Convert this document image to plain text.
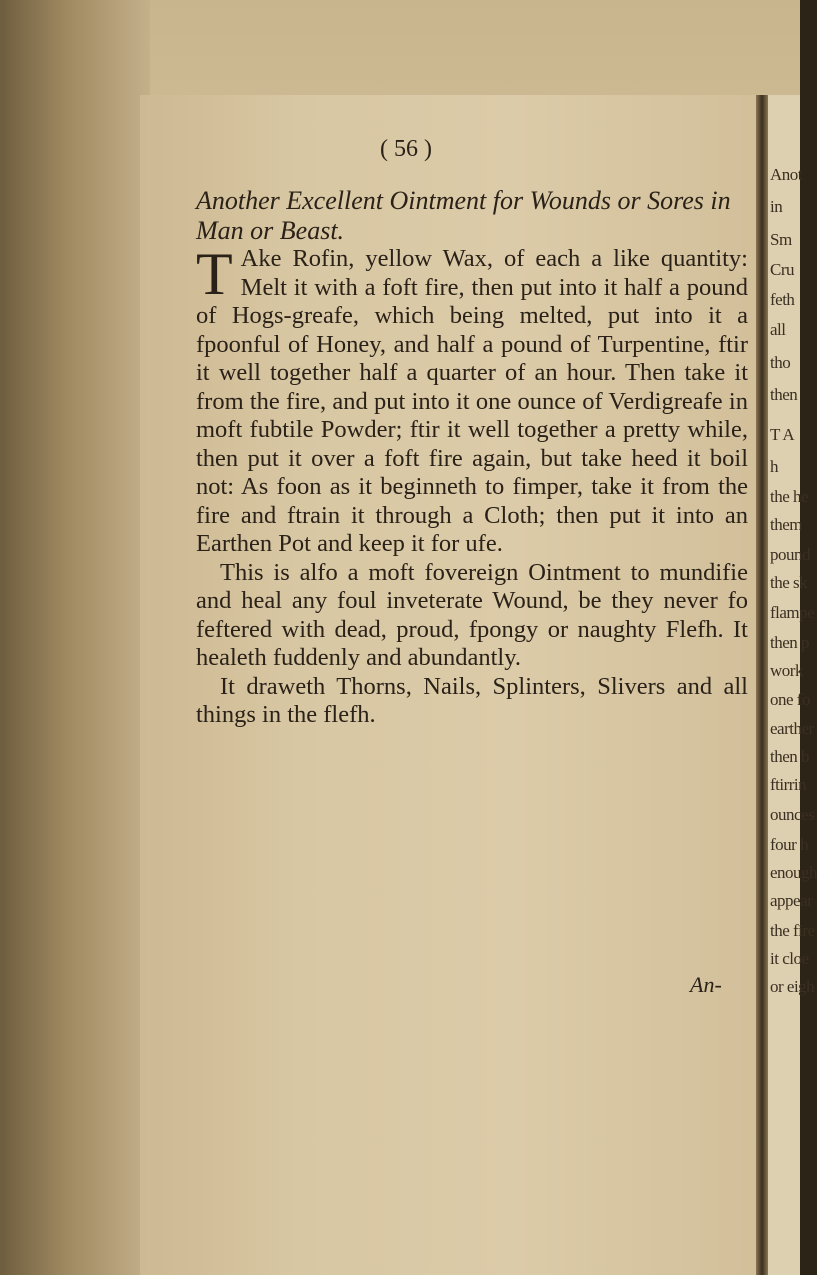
Anot
in
Sm
Cru
feth
all
tho
then
T A
h
the he
them
pound
the sk
flampe
then p
work
one fo
earther
then b
ftirrin
ounces
four h
enough
appear
the fire
it cloe
or eigh
( 56 )
Another Excellent Ointment for Wounds or Sores in Man or Beast.

T Ake Rofin, yellow Wax, of each a like quantity: Melt it with a foft fire, then put into it half a pound of Hogs-greafe, which being melted, put into it a fpoonful of Honey, and half a pound of Turpentine, ftir it well together half a quarter of an hour. Then take it from the fire, and put into it one ounce of Verdigreafe in moft fubtile Powder; ftir it well together a pretty while, then put it over a foft fire again, but take heed it boil not: As foon as it beginneth to fimper, take it from the fire and ftrain it through a Cloth; then put it into an Earthen Pot and keep it for ufe.

This is alfo a moft fovereign Ointment to mundifie and heal any foul inveterate Wound, be they never fo feftered with dead, proud, fpongy or naughty Flefh. It healeth fuddenly and abundantly.

It draweth Thorns, Nails, Splinters, Slivers and all things in the flefh.

An-
